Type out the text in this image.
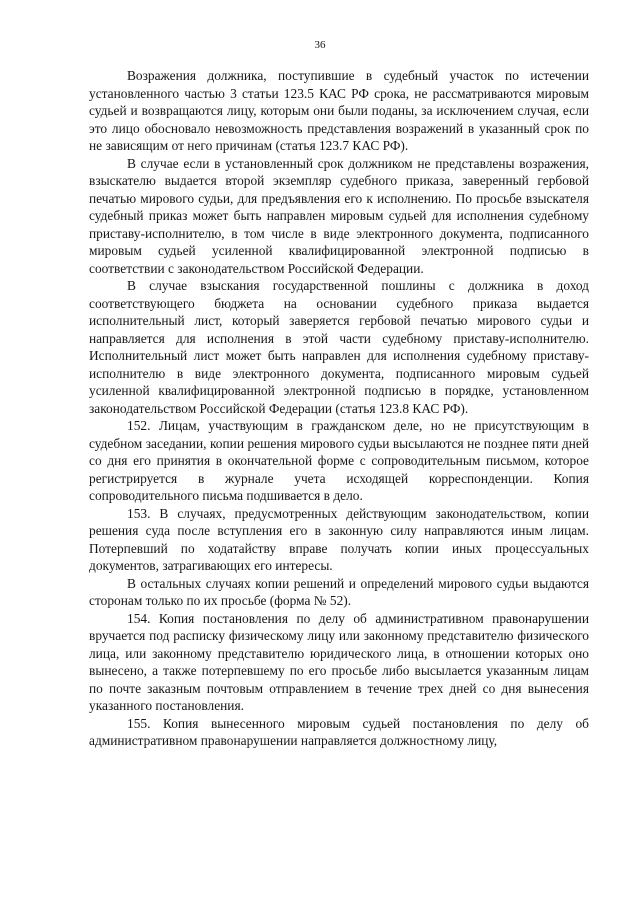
36

Возражения должника, поступившие в судебный участок по истечении установленного частью 3 статьи 123.5 КАС РФ срока, не рассматриваются мировым судьей и возвращаются лицу, которым они были поданы, за исключением случая, если это лицо обосновало невозможность представления возражений в указанный срок по не зависящим от него причинам (статья 123.7 КАС РФ).

В случае если в установленный срок должником не представлены возражения, взыскателю выдается второй экземпляр судебного приказа, заверенный гербовой печатью мирового судьи, для предъявления его к исполнению. По просьбе взыскателя судебный приказ может быть направлен мировым судьей для исполнения судебному приставу-исполнителю, в том числе в виде электронного документа, подписанного мировым судьей усиленной квалифицированной электронной подписью в соответствии с законодательством Российской Федерации.

В случае взыскания государственной пошлины с должника в доход соответствующего бюджета на основании судебного приказа выдается исполнительный лист, который заверяется гербовой печатью мирового судьи и направляется для исполнения в этой части судебному приставу-исполнителю. Исполнительный лист может быть направлен для исполнения судебному приставу-исполнителю в виде электронного документа, подписанного мировым судьей усиленной квалифицированной электронной подписью в порядке, установленном законодательством Российской Федерации (статья 123.8 КАС РФ).

152. Лицам, участвующим в гражданском деле, но не присутствующим в судебном заседании, копии решения мирового судьи высылаются не позднее пяти дней со дня его принятия в окончательной форме с сопроводительным письмом, которое регистрируется в журнале учета исходящей корреспонденции. Копия сопроводительного письма подшивается в дело.

153. В случаях, предусмотренных действующим законодательством, копии решения суда после вступления его в законную силу направляются иным лицам. Потерпевший по ходатайству вправе получать копии иных процессуальных документов, затрагивающих его интересы.

В остальных случаях копии решений и определений мирового судьи выдаются сторонам только по их просьбе (форма № 52).

154. Копия постановления по делу об административном правонарушении вручается под расписку физическому лицу или законному представителю физического лица, или законному представителю юридического лица, в отношении которых оно вынесено, а также потерпевшему по его просьбе либо высылается указанным лицам по почте заказным почтовым отправлением в течение трех дней со дня вынесения указанного постановления.

155. Копия вынесенного мировым судьей постановления по делу об административном правонарушении направляется должностному лицу,
